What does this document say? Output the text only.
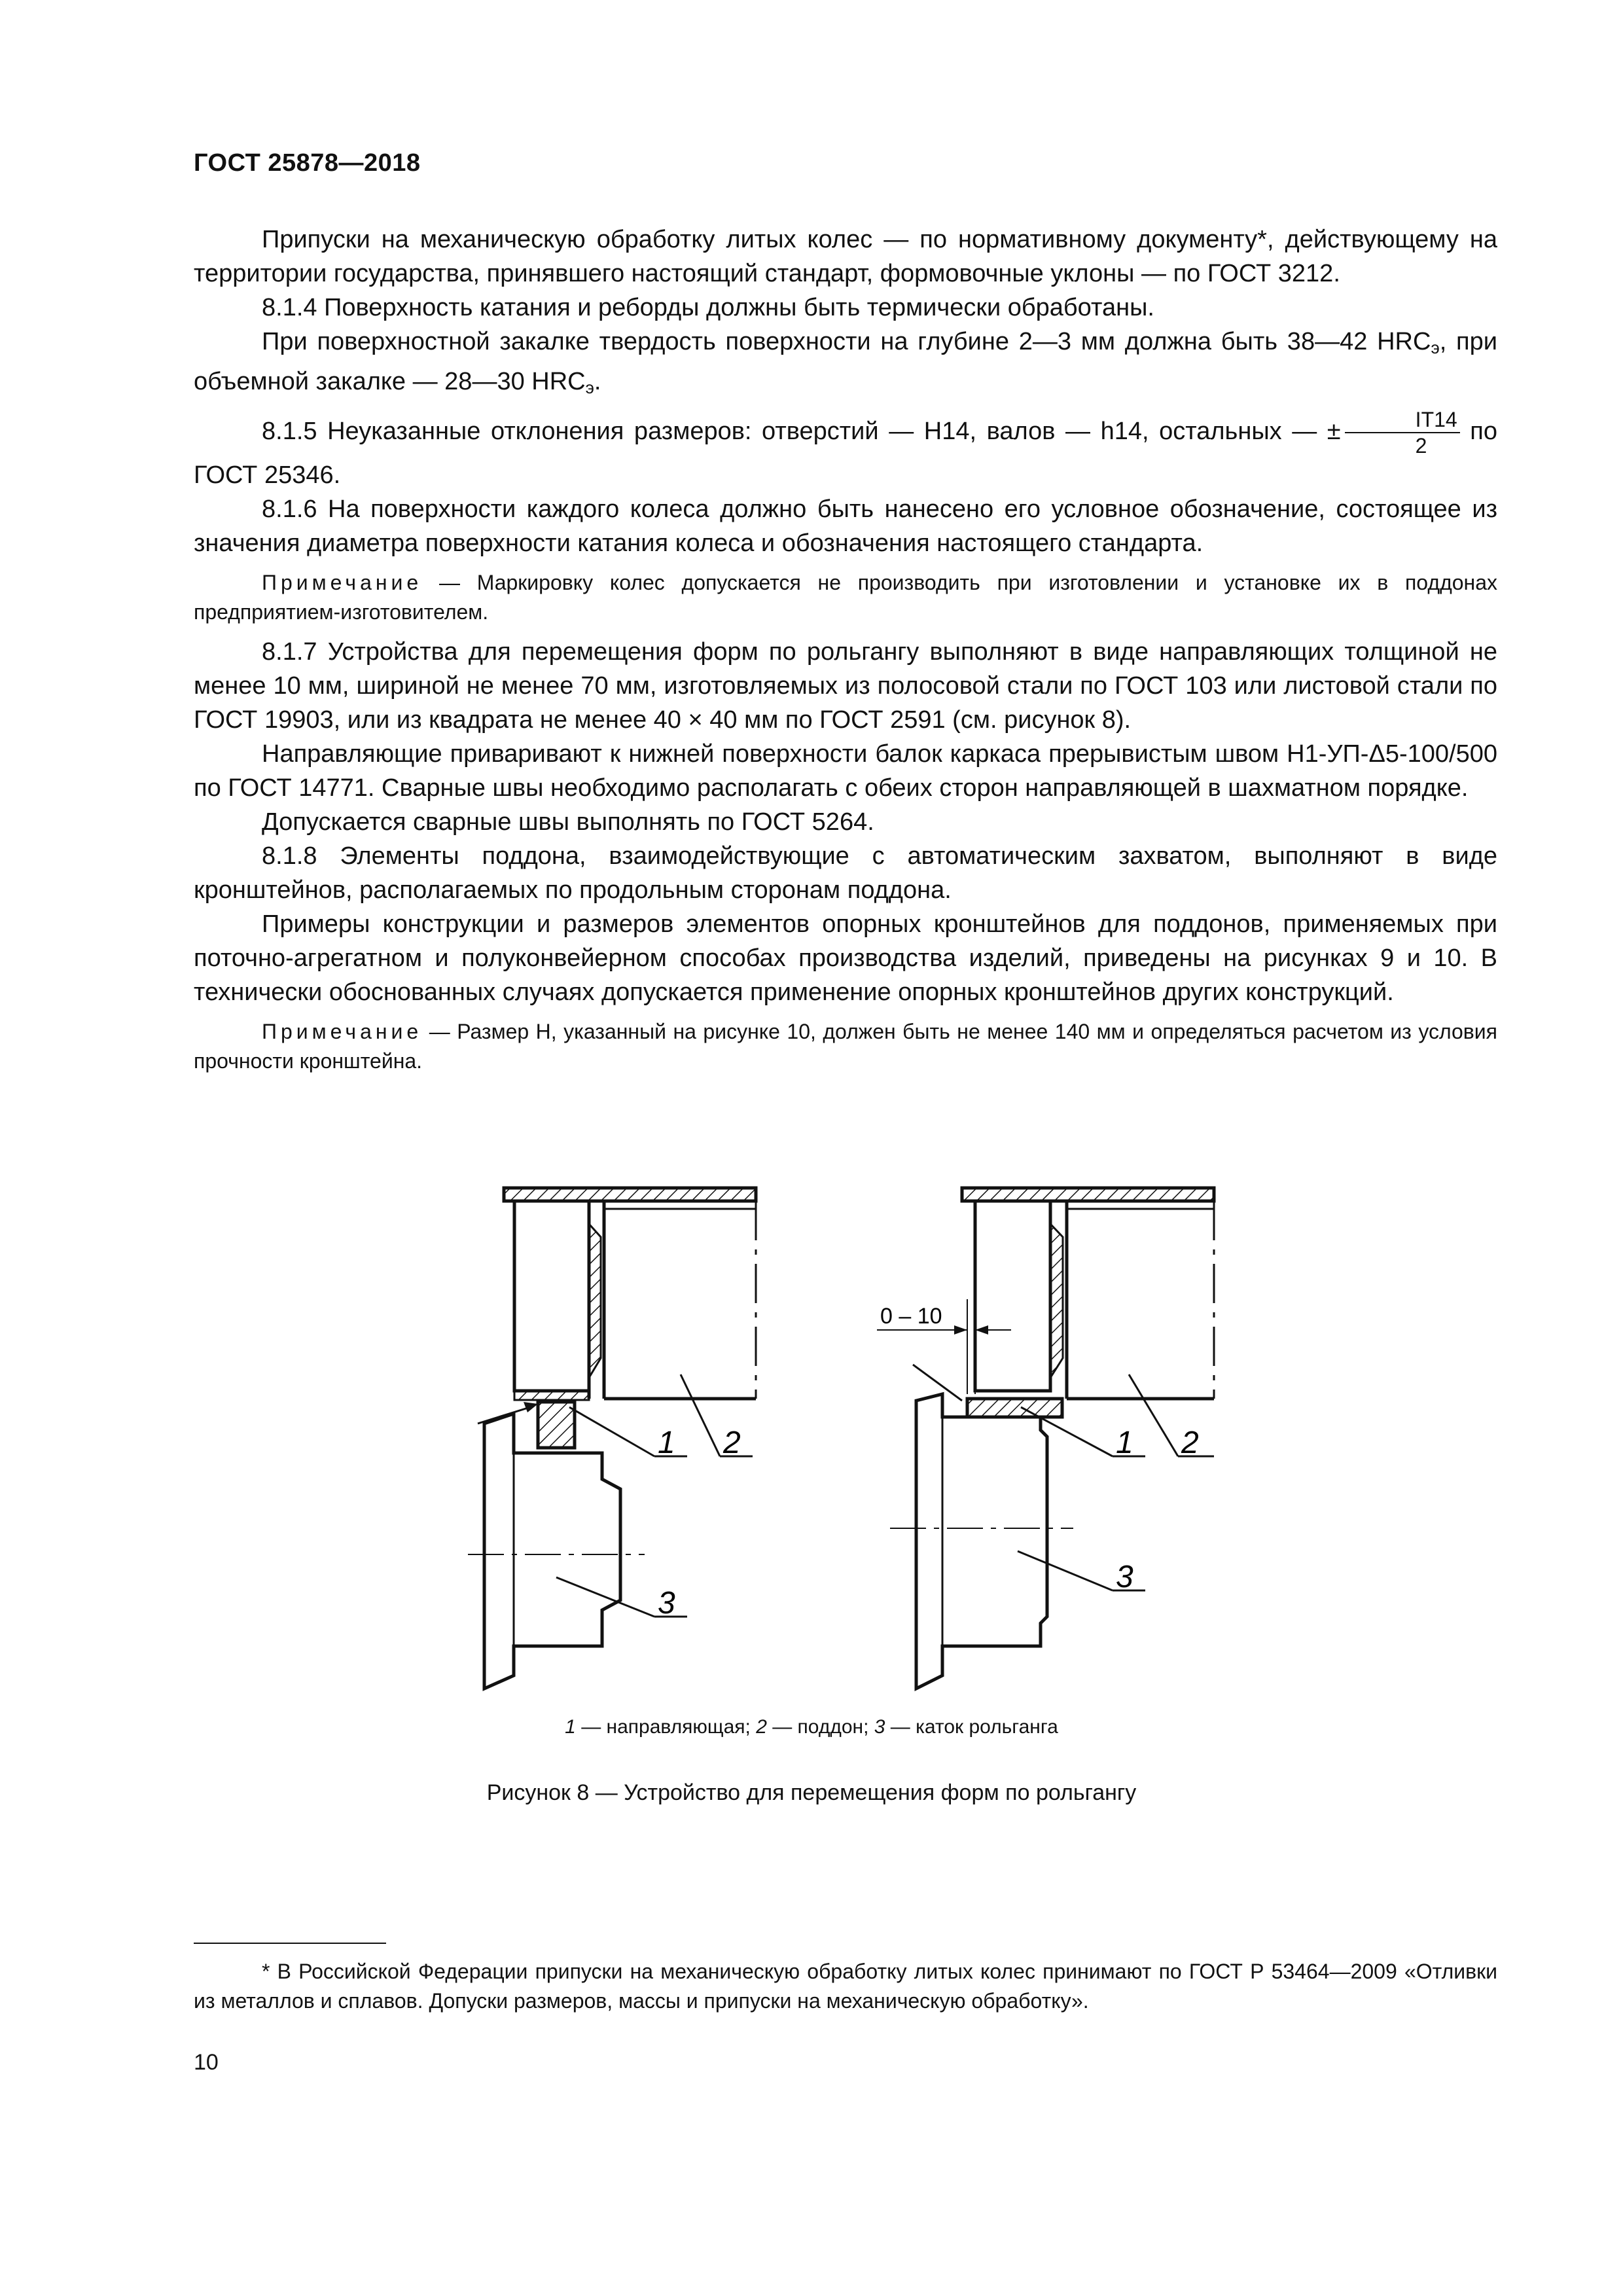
ГОСТ 25878—2018

Припуски на механическую обработку литых колес — по нормативному документу*, действующему на территории государства, принявшего настоящий стандарт, формовочные уклоны — по ГОСТ 3212.

8.1.4 Поверхность катания и реборды должны быть термически обработаны.

При поверхностной закалке твердость поверхности на глубине 2—3 мм должна быть 38—42 $HRC_э$, при объемной закалке — 28—30 $HRC_э$.

8.1.5 Неуказанные отклонения размеров: отверстий — H14, валов — h14, остальных — ± $\frac{IT14}{2}$ по ГОСТ 25346.

8.1.6 На поверхности каждого колеса должно быть нанесено его условное обозначение, состоящее из значения диаметра поверхности катания колеса и обозначения настоящего стандарта.

Примечание — Маркировку колес допускается не производить при изготовлении и установке их в поддонах предприятием-изготовителем.

8.1.7 Устройства для перемещения форм по рольгангу выполняют в виде направляющих толщиной не менее 10 мм, шириной не менее 70 мм, изготовляемых из полосовой стали по ГОСТ 103 или листовой стали по ГОСТ 19903, или из квадрата не менее 40 × 40 мм по ГОСТ 2591 (см. рисунок 8).

Направляющие приваривают к нижней поверхности балок каркаса прерывистым швом Н1-УП-Δ5-100/500 по ГОСТ 14771. Сварные швы необходимо располагать с обеих сторон направляющей в шахматном порядке.

Допускается сварные швы выполнять по ГОСТ 5264.

8.1.8 Элементы поддона, взаимодействующие с автоматическим захватом, выполняют в виде кронштейнов, располагаемых по продольным сторонам поддона.

Примеры конструкции и размеров элементов опорных кронштейнов для поддонов, применяемых при поточно-агрегатном и полуконвейерном способах производства изделий, приведены на рисунках 9 и 10. В технически обоснованных случаях допускается применение опорных кронштейнов других конструкций.

Примечание — Размер H, указанный на рисунке 10, должен быть не менее 140 мм и определяться расчетом из условия прочности кронштейна.

1 2
3
1 2
3
0 – 10
1 — направляющая; 2 — поддон; 3 — каток рольганга
Рисунок 8 — Устройство для перемещения форм по рольгангу
* В Российской Федерации припуски на механическую обработку литых колес принимают по ГОСТ Р 53464—2009 «Отливки из металлов и сплавов. Допуски размеров, массы и припуски на механическую обработку».
10
